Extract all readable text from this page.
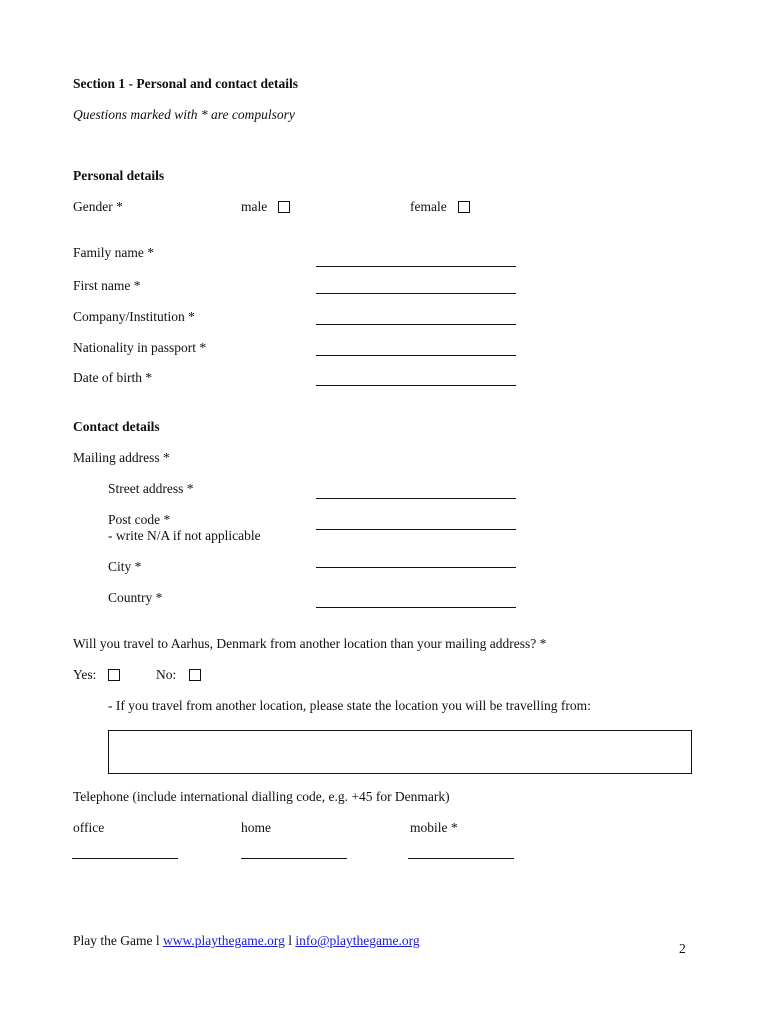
Section 1 - Personal and contact details
Questions marked with * are compulsory
Personal details
Gender *	male	female
Family name *
First name *
Company/Institution *
Nationality in passport *
Date of birth *
Contact details
Mailing address *
Street address *
Post code *
- write N/A if not applicable
City *
Country *
Will you travel to Aarhus, Denmark from another location than your mailing address? *
Yes:	No:
- If you travel from another location, please state the location you will be travelling from:
Telephone (include international dialling code, e.g. +45 for Denmark)
office	home	mobile *
Play the Game l www.playthegame.org l info@playthegame.org
2
